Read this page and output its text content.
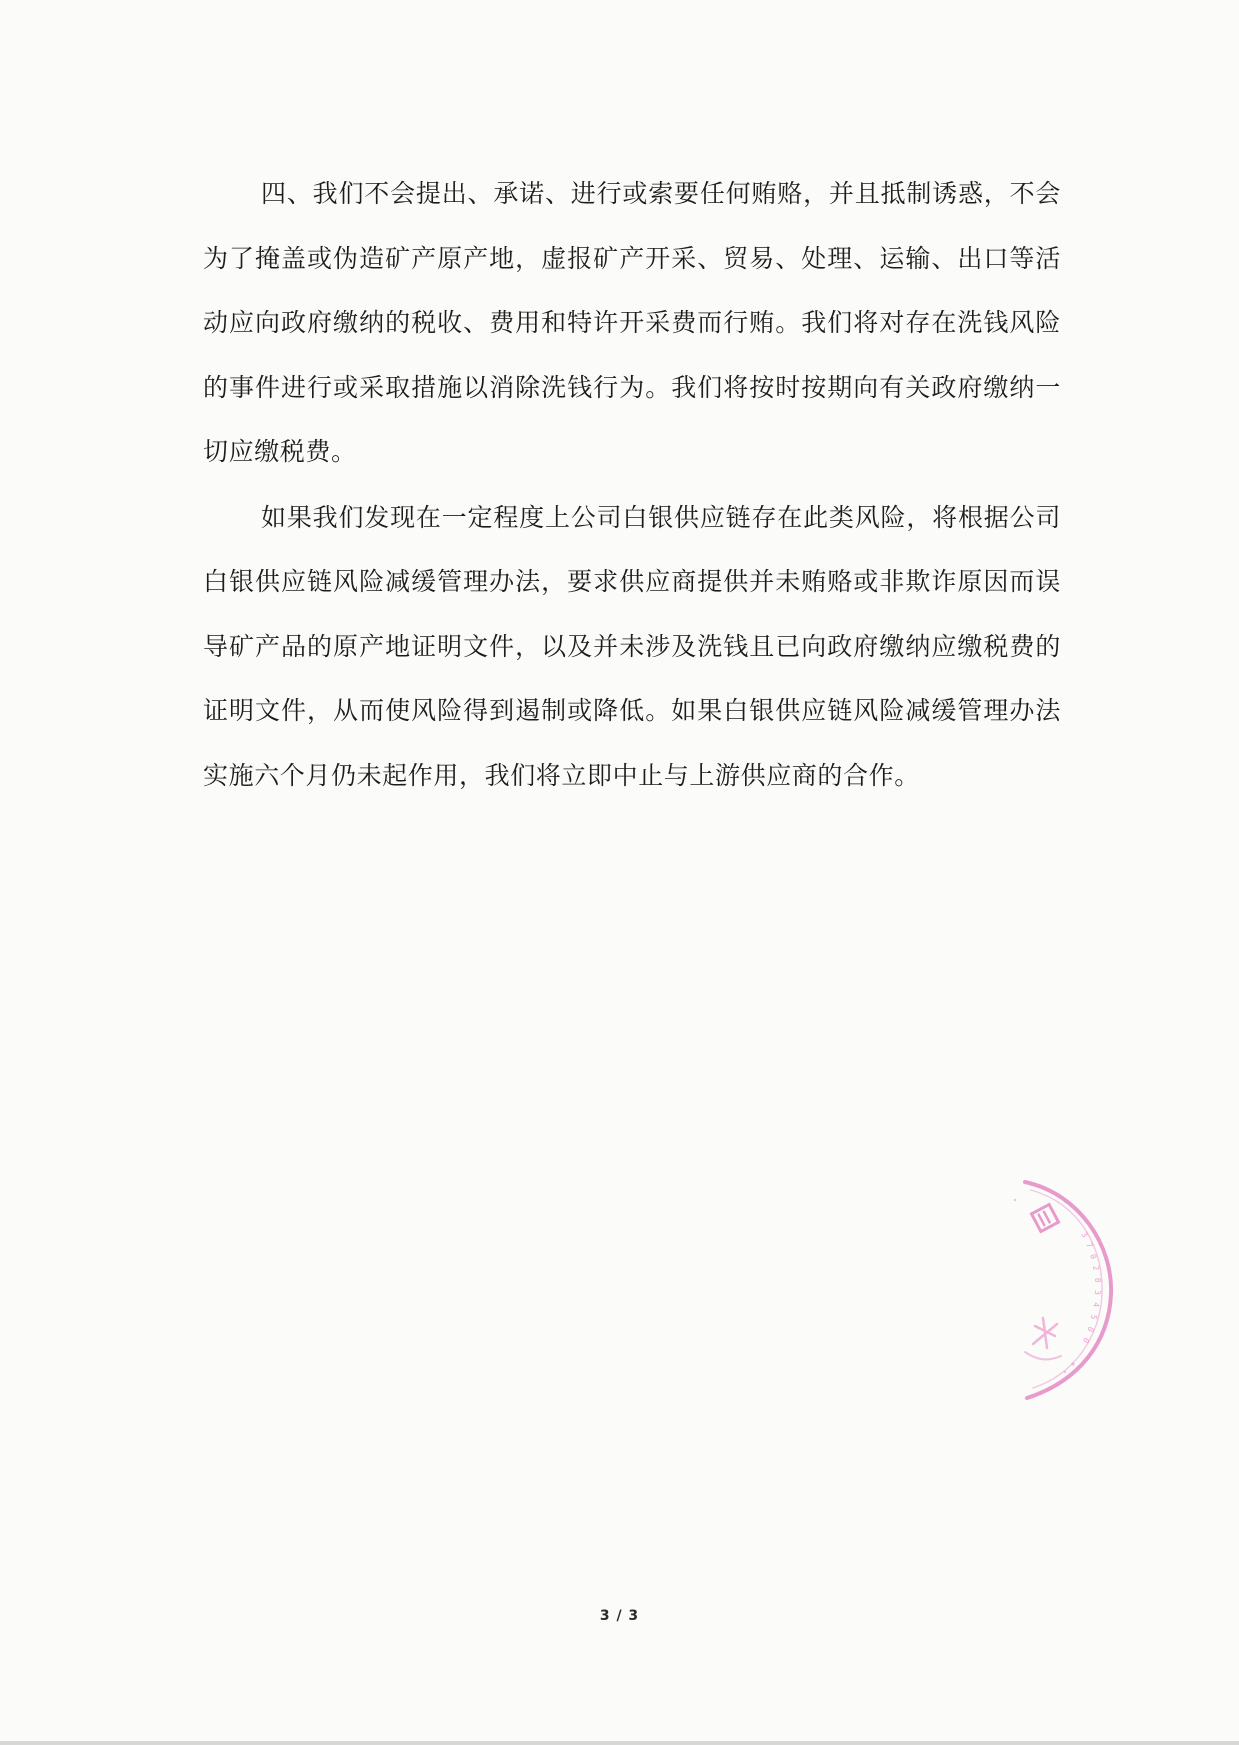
四、我们不会提出、承诺、进行或索要任何贿赂，并且抵制诱惑，不会为了掩盖或伪造矿产原产地，虚报矿产开采、贸易、处理、运输、出口等活动应向政府缴纳的税收、费用和特许开采费而行贿。我们将对存在洗钱风险的事件进行或采取措施以消除洗钱行为。我们将按时按期向有关政府缴纳一切应缴税费。

如果我们发现在一定程度上公司白银供应链存在此类风险，将根据公司白银供应链风险减缓管理办法，要求供应商提供并未贿赂或非欺诈原因而误导矿产品的原产地证明文件，以及并未涉及洗钱且已向政府缴纳应缴税费的证明文件，从而使风险得到遏制或降低。如果白银供应链风险减缓管理办法实施六个月仍未起作用，我们将立即中止与上游供应商的合作。

3
7
0
2
8
3
4
5
0
0
3 / 3
